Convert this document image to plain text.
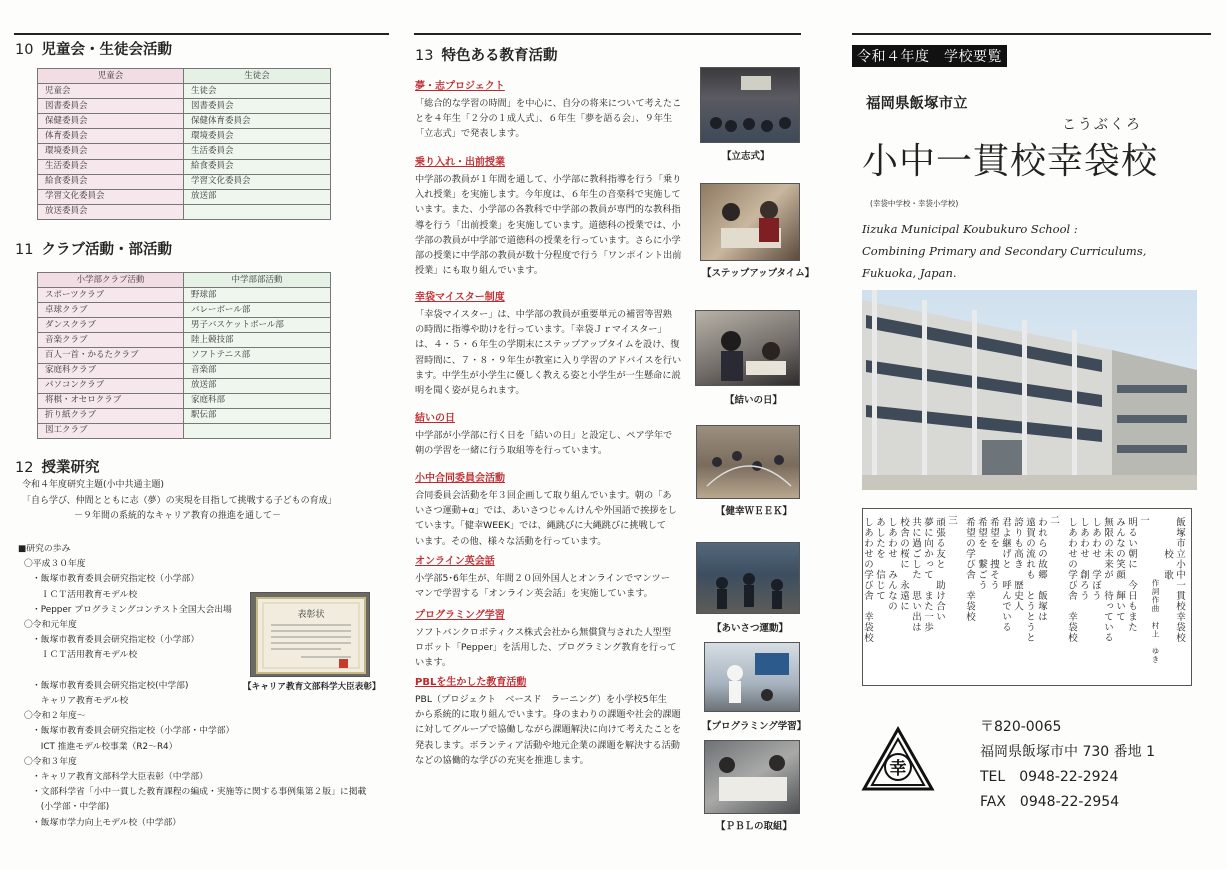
10 児童会・生徒会活動
児童会	生徒会
児童会	生徒会
図書委員会	図書委員会
保健委員会	保健体育委員会
体育委員会	環境委員会
環境委員会	生活委員会
生活委員会	給食委員会
給食委員会	学習文化委員会
学習文化委員会	放送部
放送委員会	
11 クラブ活動・部活動
小学部クラブ活動	中学部部活動
スポーツクラブ	野球部
卓球クラブ	バレーボール部
ダンスクラブ	男子バスケットボール部
音楽クラブ	陸上競技部
百人一首・かるたクラブ	ソフトテニス部
家庭科クラブ	音楽部
パソコンクラブ	放送部
将棋・オセロクラブ	家庭科部
折り紙クラブ	駅伝部
図工クラブ	
12 授業研究
令和４年度研究主題(小中共通主題)
「自ら学び、仲間とともに志（夢）の実現を目指して挑戦する子どもの育成」
－９年間の系統的なキャリア教育の推進を通して－
■研究の歩み
〇平成３０年度
・飯塚市教育委員会研究指定校（小学部）
　ＩＣＴ活用教育モデル校
・Pepper プログラミングコンテスト全国大会出場
〇令和元年度
・飯塚市教育委員会研究指定校（小学部）
　ＩＣＴ活用教育モデル校

・飯塚市教育委員会研究指定校(中学部)
　キャリア教育モデル校
〇令和２年度～
・飯塚市教育委員会研究指定校（小学部・中学部）
　ICT 推進モデル校事業（R2～R4）
〇令和３年度
・キャリア教育文部科学大臣表彰（中学部）
・文部科学省「小中一貫した教育課程の編成・実施等に関する事例集第２版」に掲載
　(小学部・中学部)
・飯塚市学力向上モデル校（中学部）
表彰状
【キャリア教育文部科学大臣表彰】
13 特色ある教育活動
夢・志プロジェクト
「総合的な学習の時間」を中心に、自分の将来について考えたこ
とを４年生「２分の１成人式」、６年生「夢を語る会」、９年生
「立志式」で発表します。
乗り入れ・出前授業
中学部の教員が１年間を通して、小学部に教科指導を行う「乗り
入れ授業」を実施します。今年度は、６年生の音楽科で実施して
います。また、小学部の各教科で中学部の教員が専門的な教科指
導を行う「出前授業」を実施しています。道徳科の授業では、小
学部の教員が中学部で道徳科の授業を行っています。さらに小学
部の授業に中学部の教員が数十分程度で行う「ワンポイント出前
授業」にも取り組んでいます。
幸袋マイスター制度
「幸袋マイスター」は、中学部の教員が重要単元の補習等習熟
の時間に指導や助けを行っています。「幸袋Ｊｒマイスター」
は、４・５・６年生の学期末にステップアップタイムを設け、復
習時間に、７・８・９年生が教室に入り学習のアドバイスを行い
ます。中学生が小学生に優しく教える姿と小学生が一生懸命に説
明を聞く姿が見られます。
結いの日
中学部が小学部に行く日を「結いの日」と設定し、ペア学年で
朝の学習を一緒に行う取組等を行っています。
小中合同委員会活動
合同委員会活動を年３回企画して取り組んでいます。朝の「あ
いさつ運動+α」では、あいさつじゃんけんや外国語で挨拶をし
ています。「健幸WEEK」では、縄跳びに大縄跳びに挑戦して
います。その他、様々な活動を行っています。
オンライン英会話
小学部5･6年生が、年間２０回外国人とオンラインでマンツー
マンで学習する「オンライン英会話」を実施しています。
プログラミング学習
ソフトバンクロボティクス株式会社から無償貸与された人型型
ロボット「Pepper」を活用した、プログラミング教育を行って
います。
PBLを生かした教育活動
PBL（プロジェクト　ベースド　ラーニング）を小学校5年生
から系統的に取り組んでいます。身のまわりの課題や社会的課題
に対してグループで協働しながら課題解決に向けて考えたことを
発表します。ボランティア活動や地元企業の課題を解決する活動
などの協働的な学びの充実を推進します。
【立志式】
【ステップアップタイム】
【結いの日】
【健幸ＷＥＥＫ】
【あいさつ運動】
【プログラミング学習】
【ＰＢＬの取組】
令和４年度　学校要覧
福岡県飯塚市立
こうぶくろ
小中一貫校幸袋校
(幸袋中学校・幸袋小学校)
Iizuka Municipal Koubukuro School :
Combining Primary and Secondary Curriculums,
Fukuoka, Japan.
飯塚市立小中一貫校幸袋校
校　歌
作詞作曲　村上　ゆき
一
明るい朝に　今日もまた
みんなの笑顔　輝いて
無限の未来が　待っている
しあわせ　学ぼう
しあわせ　創ろう
しあわせの学び舎　幸袋校
二
われらの故郷　飯塚は
遠賀の流れも　とうとうと
誇りも高き　歴史人
君よ継げと　呼んでいる
希望を　捜そう
希望を　繋ごう
希望の学び舎　幸袋校
三
頑張る友と　助け合い
夢に向かって　また一歩
共に過ごした　思い出は
校舎の桜に　永遠に
しあわせ　みんなの
あしたを　信じて
しあわせの学び舎　幸袋校
幸
〒820-0065
福岡県飯塚市中 730 番地 1
TEL　0948-22-2924
FAX　0948-22-2954
